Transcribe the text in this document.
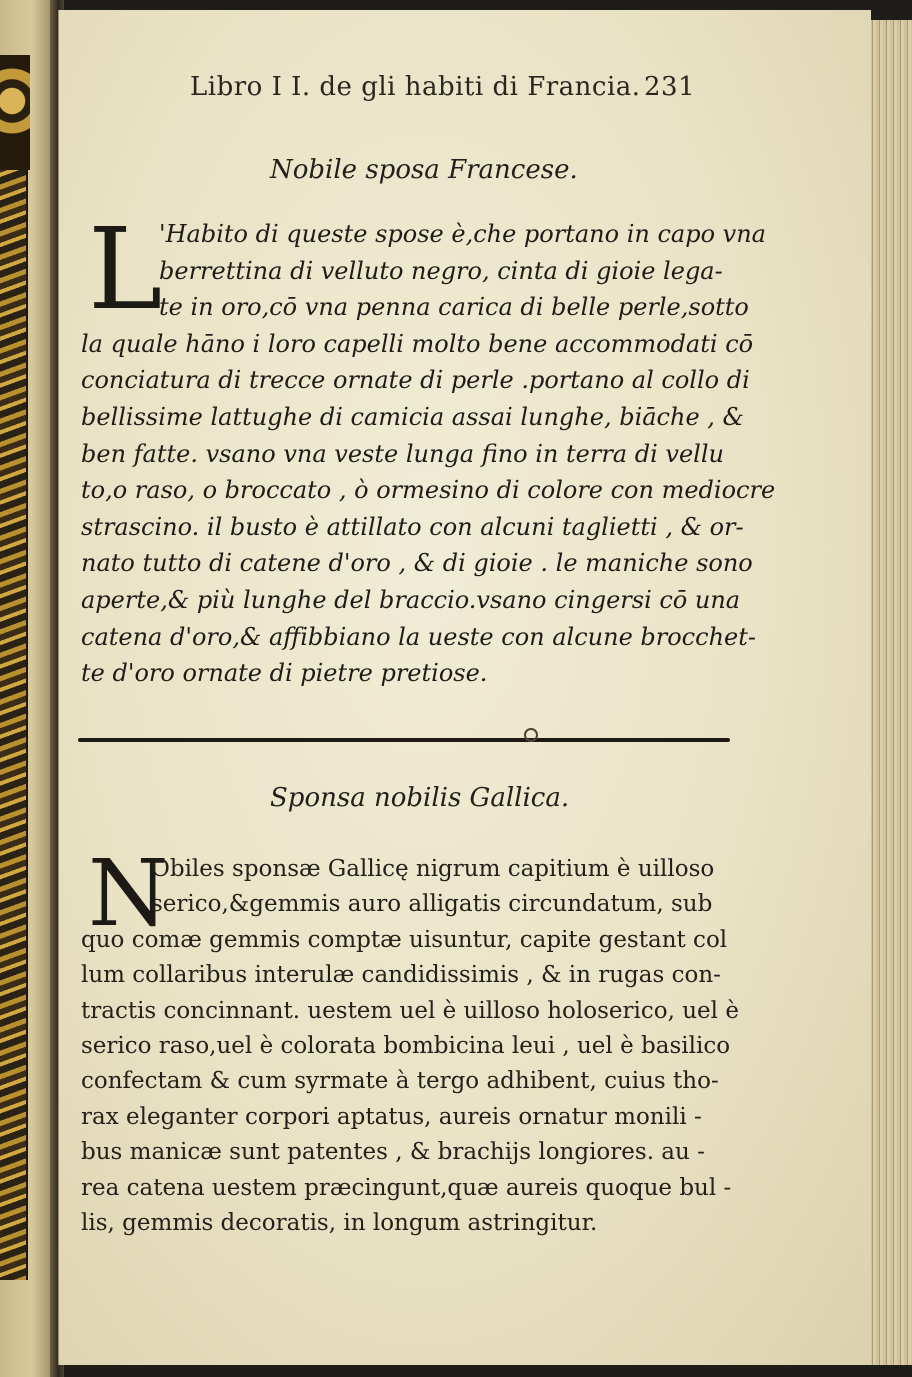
Libro I I. de gli habiti di Francia. 231
Nobile sposa Francese.
L
'Habito di queste spose è,che portano in capo vna
berrettina di velluto negro, cinta di gioie lega-
te in oro,cō vna penna carica di belle perle,sotto
la quale hāno i loro capelli molto bene accommodati cō
conciatura di trecce ornate di perle .portano al collo di
bellissime lattughe di camicia assai lunghe, biāche , &
ben fatte. vsano vna veste lunga fino in terra di vellu
to,o raso, o broccato , ò ormesino di colore con mediocre
strascino. il busto è attillato con alcuni taglietti , & or-
nato tutto di catene d'oro , & di gioie . le maniche sono
aperte,& più lunghe del braccio.vsano cingersi cō una
catena d'oro,& affibbiano la ueste con alcune brocchet-
te d'oro ornate di pietre pretiose.
Sponsa nobilis Gallica.
N
Obiles sponsæ Gallicę nigrum capitium è uilloso
serico,&gemmis auro alligatis circundatum, sub
quo comæ gemmis comptæ uisuntur, capite gestant col
lum collaribus interulæ candidissimis , & in rugas con-
tractis concinnant. uestem uel è uilloso holoserico, uel è
serico raso,uel è colorata bombicina leui , uel è basilico
confectam & cum syrmate à tergo adhibent, cuius tho-
rax eleganter corpori aptatus, aureis ornatur monili -
bus manicæ sunt patentes , & brachijs longiores. au -
rea catena uestem præcingunt,quæ aureis quoque bul -
lis, gemmis decoratis, in longum astringitur.
